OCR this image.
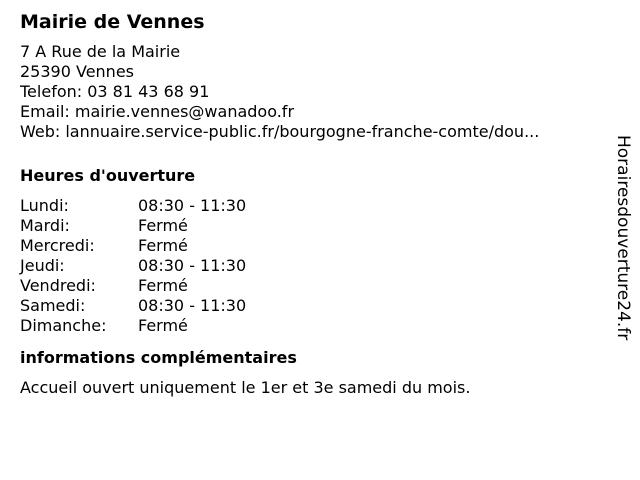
Mairie de Vennes
7 A Rue de la Mairie
25390 Vennes
Telefon: 03 81 43 68 91
Email: mairie.vennes@wanadoo.fr
Web: lannuaire.service-public.fr/bourgogne-franche-comte/dou...
Heures d'ouverture
Lundi:	08:30 - 11:30
Mardi:	Fermé
Mercredi:	Fermé
Jeudi:	08:30 - 11:30
Vendredi:	Fermé
Samedi:	08:30 - 11:30
Dimanche:	Fermé
informations complémentaires
Accueil ouvert uniquement le 1er et 3e samedi du mois.
Horairesdouverture24.fr
